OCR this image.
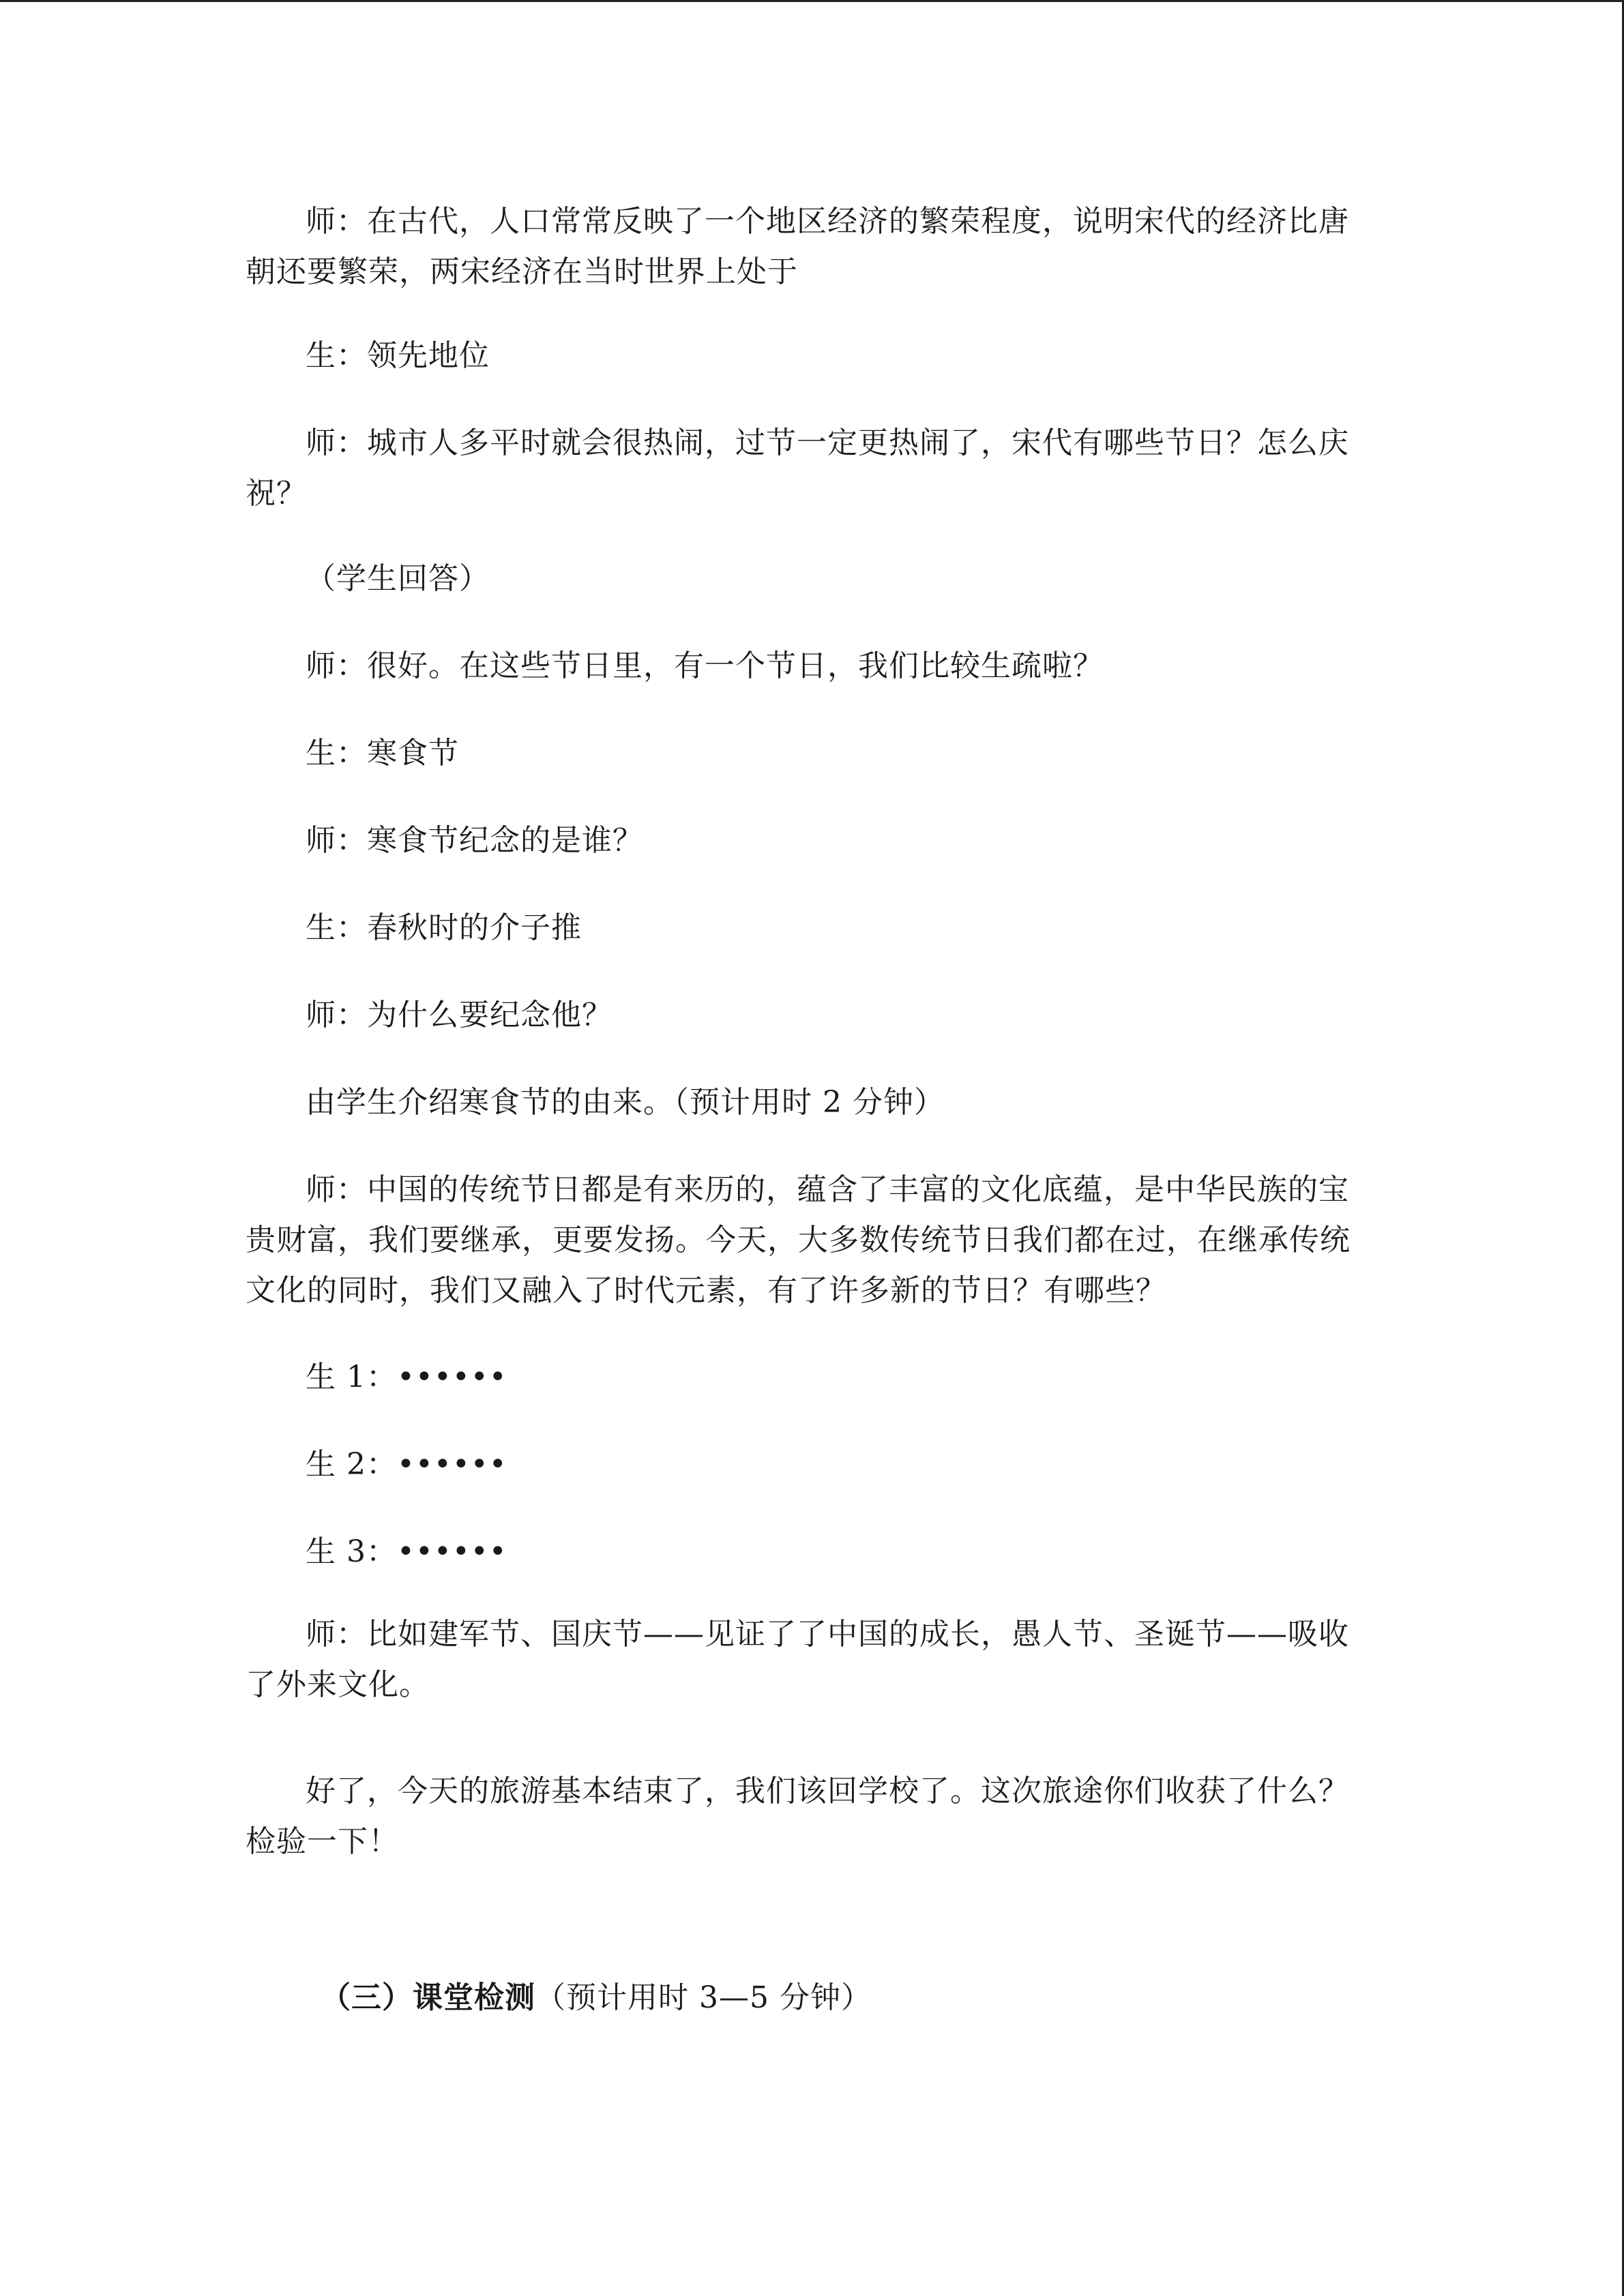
师：在古代，人口常常反映了一个地区经济的繁荣程度，说明宋代的经济比唐朝还要繁荣，两宋经济在当时世界上处于

生：领先地位

师：城市人多平时就会很热闹，过节一定更热闹了，宋代有哪些节日？怎么庆祝？

（学生回答）

师：很好。在这些节日里，有一个节日，我们比较生疏啦？

生：寒食节

师：寒食节纪念的是谁？

生：春秋时的介子推

师：为什么要纪念他？

由学生介绍寒食节的由来。（预计用时 2 分钟）

师：中国的传统节日都是有来历的，蕴含了丰富的文化底蕴，是中华民族的宝贵财富，我们要继承，更要发扬。今天，大多数传统节日我们都在过，在继承传统文化的同时，我们又融入了时代元素，有了许多新的节日？有哪些？

生 1：••••••

生 2：••••••

生 3：••••••

师：比如建军节、国庆节——见证了了中国的成长，愚人节、圣诞节——吸收了外来文化。

好了，今天的旅游基本结束了，我们该回学校了。这次旅途你们收获了什么？检验一下！

（三）课堂检测（预计用时 3—5 分钟）
